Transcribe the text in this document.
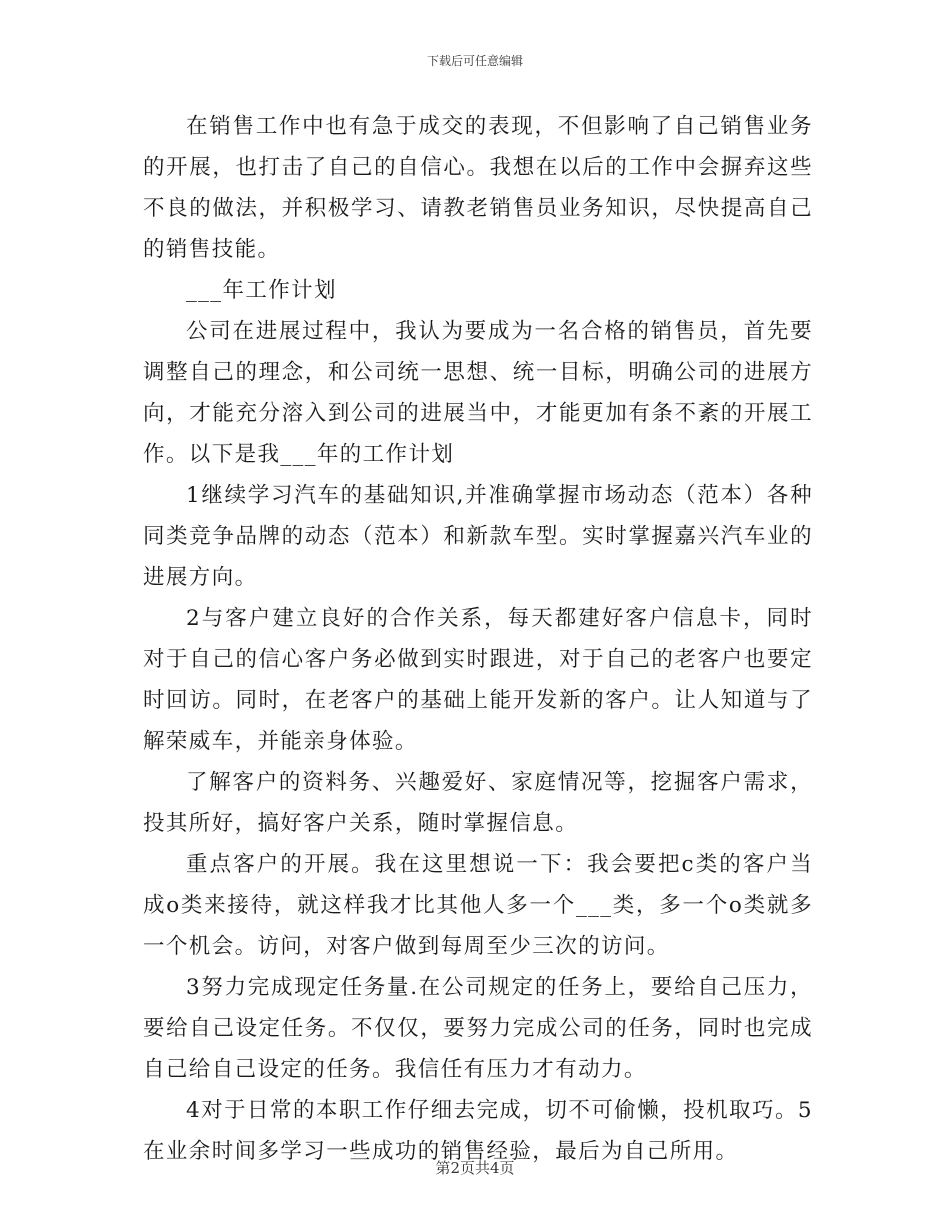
下载后可任意编辑

在销售工作中也有急于成交的表现，不但影响了自己销售业务的开展，也打击了自己的自信心。我想在以后的工作中会摒弃这些不良的做法，并积极学习、请教老销售员业务知识，尽快提高自己的销售技能。

___年工作计划

公司在进展过程中，我认为要成为一名合格的销售员，首先要调整自己的理念，和公司统一思想、统一目标，明确公司的进展方向，才能充分溶入到公司的进展当中，才能更加有条不紊的开展工作。以下是我___年的工作计划

1继续学习汽车的基础知识,并准确掌握市场动态（范本）各种同类竞争品牌的动态（范本）和新款车型。实时掌握嘉兴汽车业的进展方向。

2与客户建立良好的合作关系，每天都建好客户信息卡，同时对于自己的信心客户务必做到实时跟进，对于自己的老客户也要定时回访。同时，在老客户的基础上能开发新的客户。让人知道与了解荣威车，并能亲身体验。

了解客户的资料务、兴趣爱好、家庭情况等，挖掘客户需求，投其所好，搞好客户关系，随时掌握信息。

重点客户的开展。我在这里想说一下：我会要把c类的客户当成o类来接待，就这样我才比其他人多一个___类，多一个o类就多一个机会。访问，对客户做到每周至少三次的访问。

3努力完成现定任务量.在公司规定的任务上，要给自己压力，要给自己设定任务。不仅仅，要努力完成公司的任务，同时也完成自己给自己设定的任务。我信任有压力才有动力。

4对于日常的本职工作仔细去完成，切不可偷懒，投机取巧。5在业余时间多学习一些成功的销售经验，最后为自己所用。

第2页共4页
